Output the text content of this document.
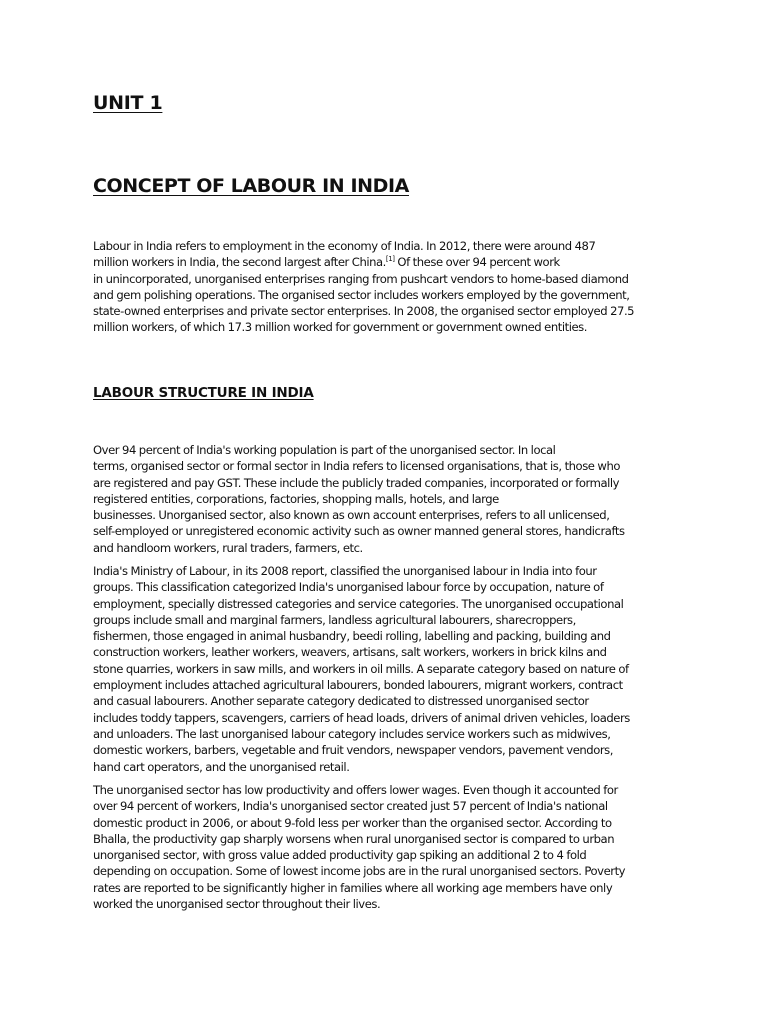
UNIT 1
CONCEPT OF LABOUR IN INDIA

Labour in India refers to employment in the economy of India. In 2012, there were around 487
million workers in India, the second largest after China.[1] Of these over 94 percent work
in unincorporated, unorganised enterprises ranging from pushcart vendors to home-based diamond
and gem polishing operations. The organised sector includes workers employed by the government,
state-owned enterprises and private sector enterprises. In 2008, the organised sector employed 27.5
million workers, of which 17.3 million worked for government or government owned entities.

LABOUR STRUCTURE IN INDIA

Over 94 percent of India's working population is part of the unorganised sector. In local
terms, organised sector or formal sector in India refers to licensed organisations, that is, those who
are registered and pay GST. These include the publicly traded companies, incorporated or formally
registered entities, corporations, factories, shopping malls, hotels, and large
businesses. Unorganised sector, also known as own account enterprises, refers to all unlicensed,
self-employed or unregistered economic activity such as owner manned general stores, handicrafts
and handloom workers, rural traders, farmers, etc.

India's Ministry of Labour, in its 2008 report, classified the unorganised labour in India into four
groups. This classification categorized India's unorganised labour force by occupation, nature of
employment, specially distressed categories and service categories. The unorganised occupational
groups include small and marginal farmers, landless agricultural labourers, sharecroppers,
fishermen, those engaged in animal husbandry, beedi rolling, labelling and packing, building and
construction workers, leather workers, weavers, artisans, salt workers, workers in brick kilns and
stone quarries, workers in saw mills, and workers in oil mills. A separate category based on nature of
employment includes attached agricultural labourers, bonded labourers, migrant workers, contract
and casual labourers. Another separate category dedicated to distressed unorganised sector
includes toddy tappers, scavengers, carriers of head loads, drivers of animal driven vehicles, loaders
and unloaders. The last unorganised labour category includes service workers such as midwives,
domestic workers, barbers, vegetable and fruit vendors, newspaper vendors, pavement vendors,
hand cart operators, and the unorganised retail.

The unorganised sector has low productivity and offers lower wages. Even though it accounted for
over 94 percent of workers, India's unorganised sector created just 57 percent of India's national
domestic product in 2006, or about 9-fold less per worker than the organised sector. According to
Bhalla, the productivity gap sharply worsens when rural unorganised sector is compared to urban
unorganised sector, with gross value added productivity gap spiking an additional 2 to 4 fold
depending on occupation. Some of lowest income jobs are in the rural unorganised sectors. Poverty
rates are reported to be significantly higher in families where all working age members have only
worked the unorganised sector throughout their lives.
